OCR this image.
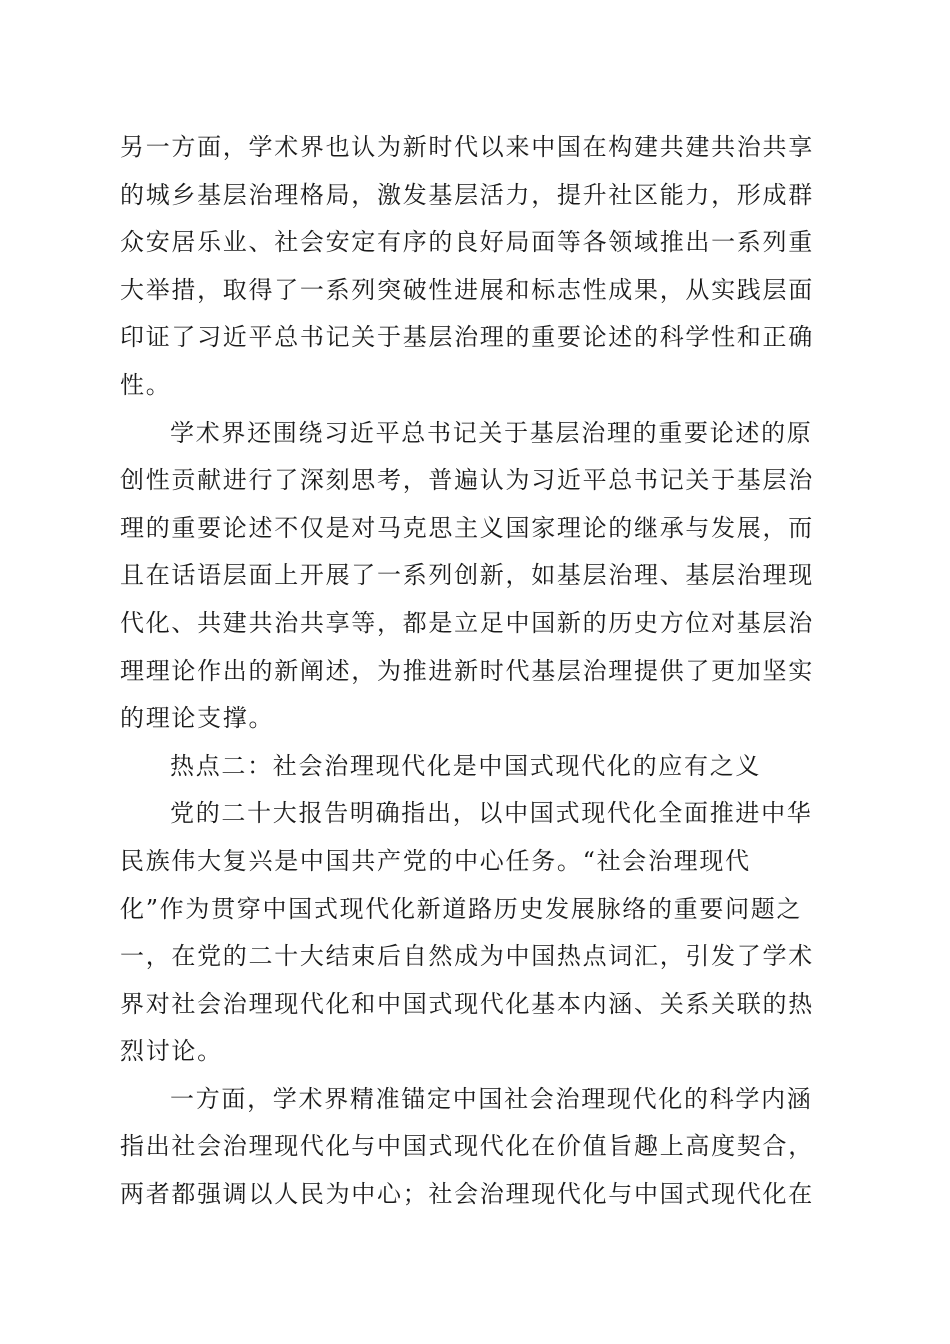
另一方面，学术界也认为新时代以来中国在构建共建共治共享
的城乡基层治理格局，激发基层活力，提升社区能力，形成群
众安居乐业、社会安定有序的良好局面等各领域推出一系列重
大举措，取得了一系列突破性进展和标志性成果，从实践层面
印证了习近平总书记关于基层治理的重要论述的科学性和正确
性。
学术界还围绕习近平总书记关于基层治理的重要论述的原
创性贡献进行了深刻思考，普遍认为习近平总书记关于基层治
理的重要论述不仅是对马克思主义国家理论的继承与发展，而
且在话语层面上开展了一系列创新，如基层治理、基层治理现
代化、共建共治共享等，都是立足中国新的历史方位对基层治
理理论作出的新阐述，为推进新时代基层治理提供了更加坚实
的理论支撑。
热点二：社会治理现代化是中国式现代化的应有之义
党的二十大报告明确指出，以中国式现代化全面推进中华
民族伟大复兴是中国共产党的中心任务。“社会治理现代
化”作为贯穿中国式现代化新道路历史发展脉络的重要问题之
一，在党的二十大结束后自然成为中国热点词汇，引发了学术
界对社会治理现代化和中国式现代化基本内涵、关系关联的热
烈讨论。
一方面，学术界精准锚定中国社会治理现代化的科学内涵
指出社会治理现代化与中国式现代化在价值旨趣上高度契合，
两者都强调以人民为中心；社会治理现代化与中国式现代化在
